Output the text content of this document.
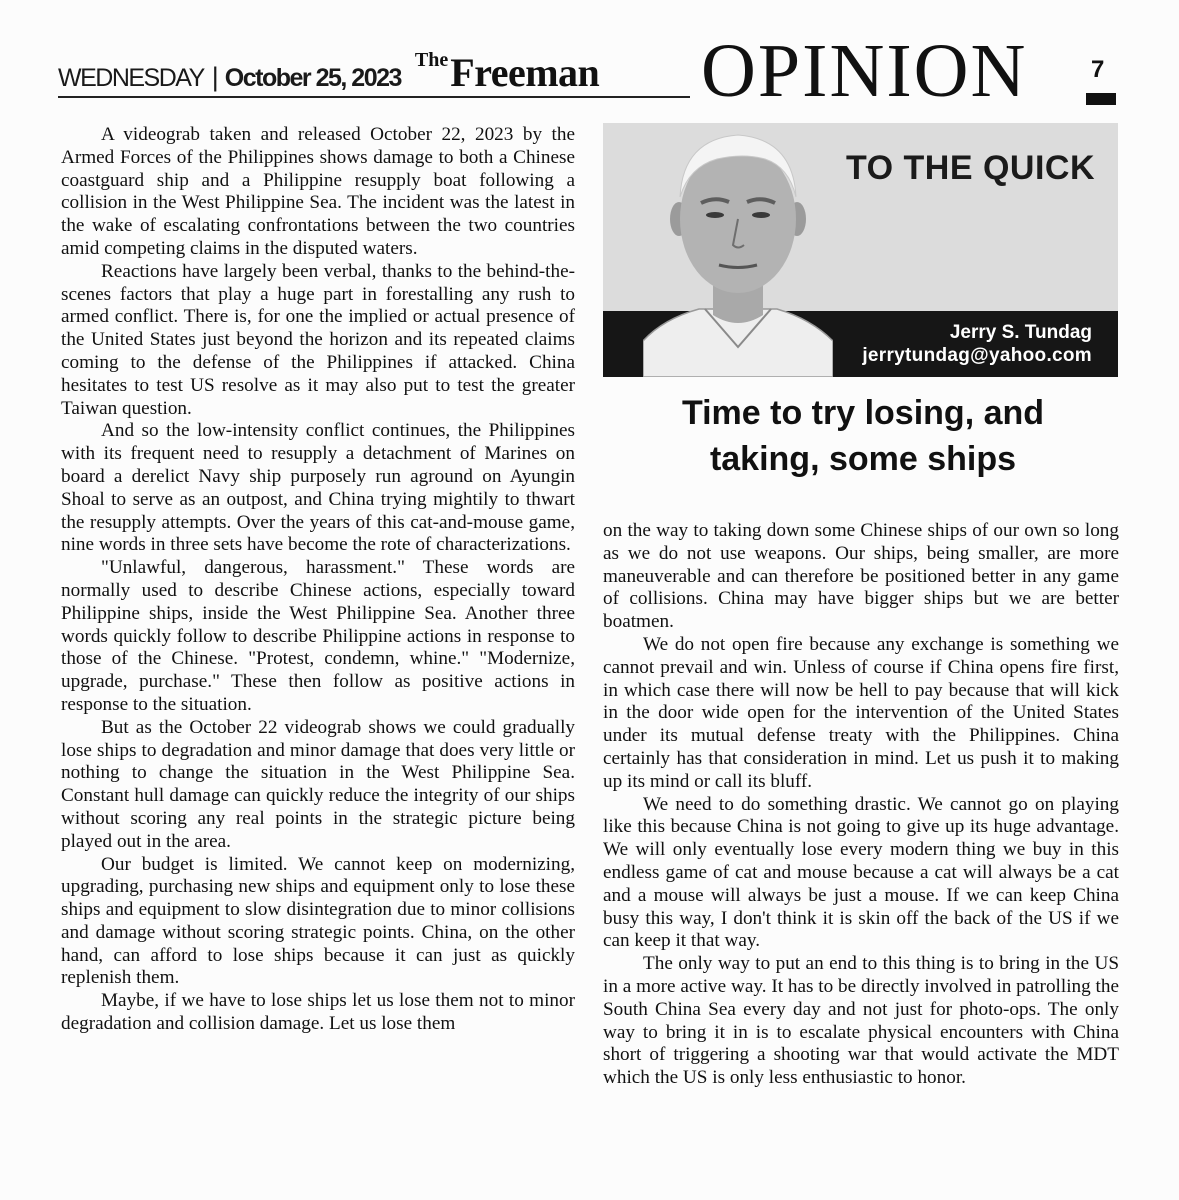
WEDNESDAY | October 25, 2023
The Freeman OPINION	7

A videograb taken and released October 22, 2023 by the Armed Forces of the Philippines shows damage to both a Chinese coastguard ship and a Philippine resupply boat following a collision in the West Philippine Sea. The incident was the latest in the wake of escalating confrontations between the two countries amid competing claims in the disputed waters.

Reactions have largely been verbal, thanks to the behind-the-scenes factors that play a huge part in forestalling any rush to armed conflict. There is, for one the implied or actual presence of the United States just beyond the horizon and its repeated claims coming to the defense of the Philippines if attacked. China hesitates to test US resolve as it may also put to test the greater Taiwan question.

And so the low-intensity conflict continues, the Philippines with its frequent need to resupply a detachment of Marines on board a derelict Navy ship purposely run aground on Ayungin Shoal to serve as an outpost, and China trying mightily to thwart the resupply attempts. Over the years of this cat-and-mouse game, nine words in three sets have become the rote of characterizations.

"Unlawful, dangerous, harassment." These words are normally used to describe Chinese actions, especially toward Philippine ships, inside the West Philippine Sea. Another three words quickly follow to describe Philippine actions in response to those of the Chinese. "Protest, condemn, whine." "Modernize, upgrade, purchase." These then follow as positive actions in response to the situation.

But as the October 22 videograb shows we could gradually lose ships to degradation and minor damage that does very little or nothing to change the situation in the West Philippine Sea. Constant hull damage can quickly reduce the integrity of our ships without scoring any real points in the strategic picture being played out in the area.

Our budget is limited. We cannot keep on modernizing, upgrading, purchasing new ships and equipment only to lose these ships and equipment to slow disintegration due to minor collisions and damage without scoring strategic points. China, on the other hand, can afford to lose ships because it can just as quickly replenish them.

Maybe, if we have to lose ships let us lose them not to minor degradation and collision damage. Let us lose them

TO THE QUICK
Jerry S. Tundag
jerrytundag@yahoo.com
Time to try losing, and
taking, some ships

on the way to taking down some Chinese ships of our own so long as we do not use weapons. Our ships, being smaller, are more maneuverable and can therefore be positioned better in any game of collisions. China may have bigger ships but we are better boatmen.

We do not open fire because any exchange is something we cannot prevail and win. Unless of course if China opens fire first, in which case there will now be hell to pay because that will kick in the door wide open for the intervention of the United States under its mutual defense treaty with the Philippines. China certainly has that consideration in mind. Let us push it to making up its mind or call its bluff.

We need to do something drastic. We cannot go on playing like this because China is not going to give up its huge advantage. We will only eventually lose every modern thing we buy in this endless game of cat and mouse because a cat will always be a cat and a mouse will always be just a mouse. If we can keep China busy this way, I don't think it is skin off the back of the US if we can keep it that way.

The only way to put an end to this thing is to bring in the US in a more active way. It has to be directly involved in patrolling the South China Sea every day and not just for photo-ops. The only way to bring it in is to escalate physical encounters with China short of triggering a shooting war that would activate the MDT which the US is only less enthusiastic to honor.
